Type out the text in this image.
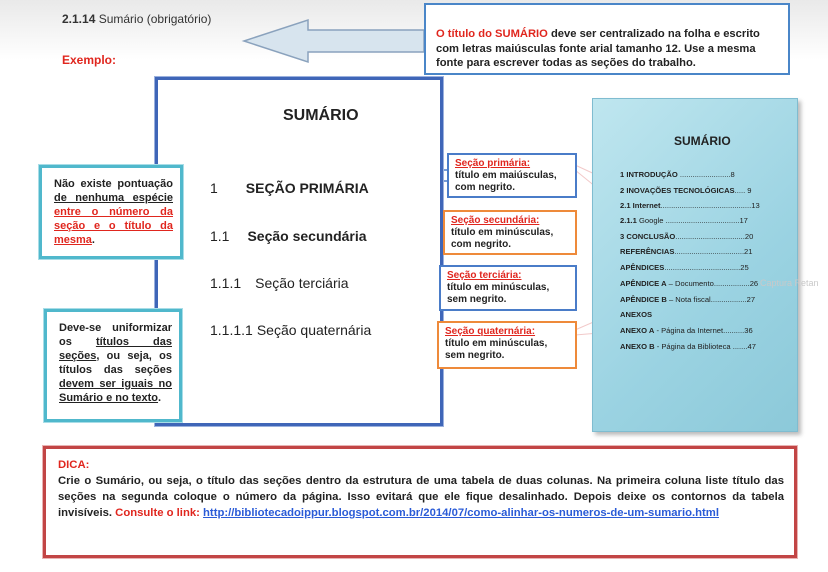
2.1.14 Sumário (obrigatório)
Exemplo:
O título do SUMÁRIO deve ser centralizado na folha e escrito com letras maiúsculas fonte arial tamanho 12. Use a mesma fonte para escrever todas as seções do trabalho.
SUMÁRIO
1 SEÇÃO PRIMÁRIA
1.1 Seção secundária
1.1.1 Seção terciária
1.1.1.1 Seção quaternária
Não existe pontuação de nenhuma espécie entre o número da seção e o título da mesma.
Deve-se uniformizar os títulos das seções, ou seja, os títulos das seções devem ser iguais no Sumário e no texto.
Seção primária:
título em maiúsculas, com negrito.
Seção secundária:
título em minúsculas, com negrito.
Seção terciária:
título em minúsculas, sem negrito.
Seção quaternária:
título em minúsculas, sem negrito.
SUMÁRIO
1 INTRODUÇÃO ........................8
2 INOVAÇÕES TECNOLÓGICAS..... 9
2.1 Internet...........................................13
2.1.1 Google ...................................17
3 CONCLUSÃO.................................20
REFERÊNCIAS.................................21
APÊNDICES....................................25
APÊNDICE A – Documento.................26
APÊNDICE B – Nota fiscal.................27
ANEXOS
ANEXO A - Página da Internet..........36
ANEXO B - Página da Biblioteca .......47
Captura Retan
DICA:
Crie o Sumário, ou seja, o título das seções dentro da estrutura de uma tabela de duas colunas. Na primeira coluna liste título das seções na segunda coloque o número da página. Isso evitará que ele fique desalinhado. Depois deixe os contornos da tabela invisíveis. Consulte o link: http://bibliotecadoippur.blogspot.com.br/2014/07/como-alinhar-os-numeros-de-um-sumario.html
